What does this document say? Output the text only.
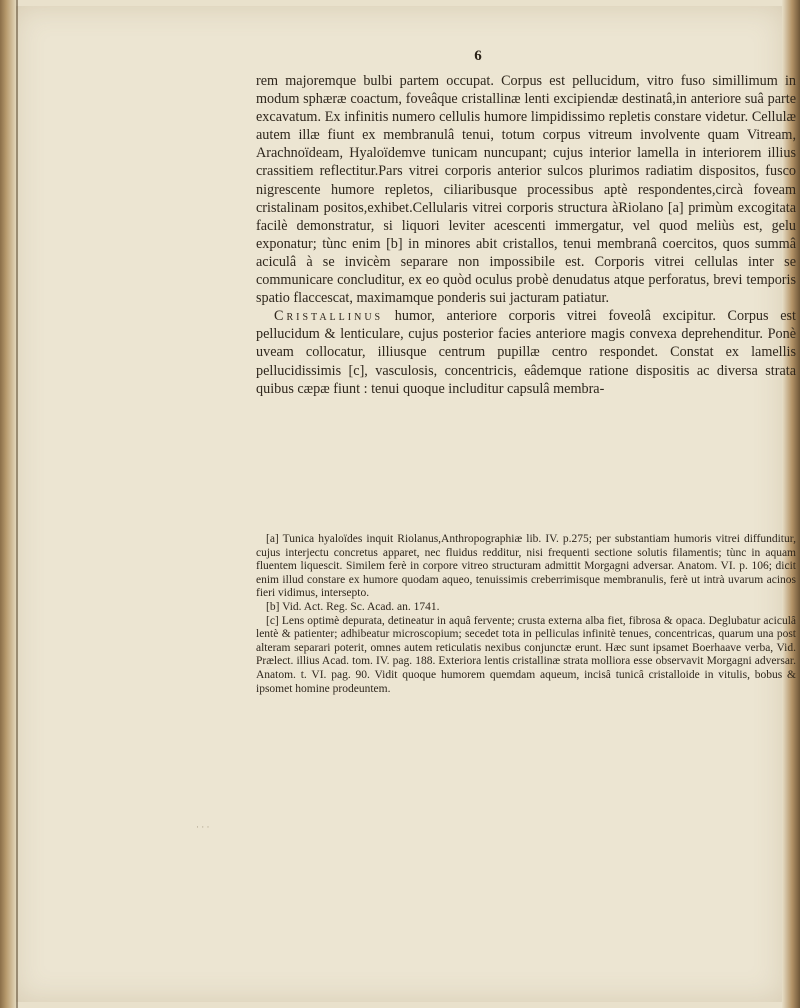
6

rem majoremque bulbi partem occupat. Corpus est pellucidum, vitro fuso simillimum in modum sphæræ coactum, foveâque cristallinæ lenti excipiendæ destinatâ,in anteriore suâ parte excavatum. Ex infinitis numero cellulis humore limpidissimo repletis constare videtur. Cellulæ autem illæ fiunt ex membranulâ tenui, totum corpus vitreum involvente quam Vitream, Arachnoïdeam, Hyaloïdemve tunicam nuncupant; cujus interior lamella in interiorem illius crassitiem reflectitur.Pars vitrei corporis anterior sulcos plurimos radiatim dispositos, fusco nigrescente humore repletos, ciliaribusque processibus aptè respondentes,circà foveam cristalinam positos,exhibet.Cellularis vitrei corporis structura àRiolano [a] primùm excogitata facilè demonstratur, si liquori leviter acescenti immergatur, vel quod meliùs est, gelu exponatur; tùnc enim [b] in minores abit cristallos, tenui membranâ coercitos, quos summâ aciculâ à se invicèm separare non impossibile est. Corporis vitrei cellulas inter se communicare concluditur, ex eo quòd oculus probè denudatus atque perforatus, brevi temporis spatio flaccescat, maximamque ponderis sui jacturam patiatur.

Cristallinus humor, anteriore corporis vitrei foveolâ excipitur. Corpus est pellucidum & lenticulare, cujus posterior facies anteriore magis convexa deprehenditur. Ponè uveam collocatur, illiusque centrum pupillæ centro respondet. Constat ex lamellis pellucidissimis [c], vasculosis, concentricis, eâdemque ratione dispositis ac diversa strata quibus cæpæ fiunt : tenui quoque includitur capsulâ membra-

[a] Tunica hyaloïdes inquit Riolanus,Anthropographiæ lib. IV. p.275; per substantiam humoris vitrei diffunditur, cujus interjectu concretus apparet, nec fluidus redditur, nisi frequenti sectione solutis filamentis; tùnc in aquam fluentem liquescit. Similem ferè in corpore vitreo structuram admittit Morgagni adversar. Anatom. VI. p. 106; dicit enim illud constare ex humore quodam aqueo, tenuissimis creberrimisque membranulis, ferè ut intrà uvarum acinos fieri vidimus, interseptο.

[b] Vid. Act. Reg. Sc. Acad. an. 1741.

[c] Lens optimè depurata, detineatur in aquâ fervente; crusta externa alba fiet, fibrosa & opaca. Deglubatur aciculâ lentè & patienter; adhibeatur microscopium; secedet tota in pelliculas infinitè tenues, concentricas, quarum una post alteram separari poterit, omnes autem reticulatis nexibus conjunctæ erunt. Hæc sunt ipsamet Boerhaave verba, Vid. Prælect. illius Acad. tom. IV. pag. 188. Exteriora lentis cristallinæ strata molliora esse observavit Morgagni adversar. Anatom. t. VI. pag. 90. Vidit quoque humorem quemdam aqueum, incisâ tunicâ cristalloide in vitulis, bobus & ipsomet homine prodeuntem.

· · ·
